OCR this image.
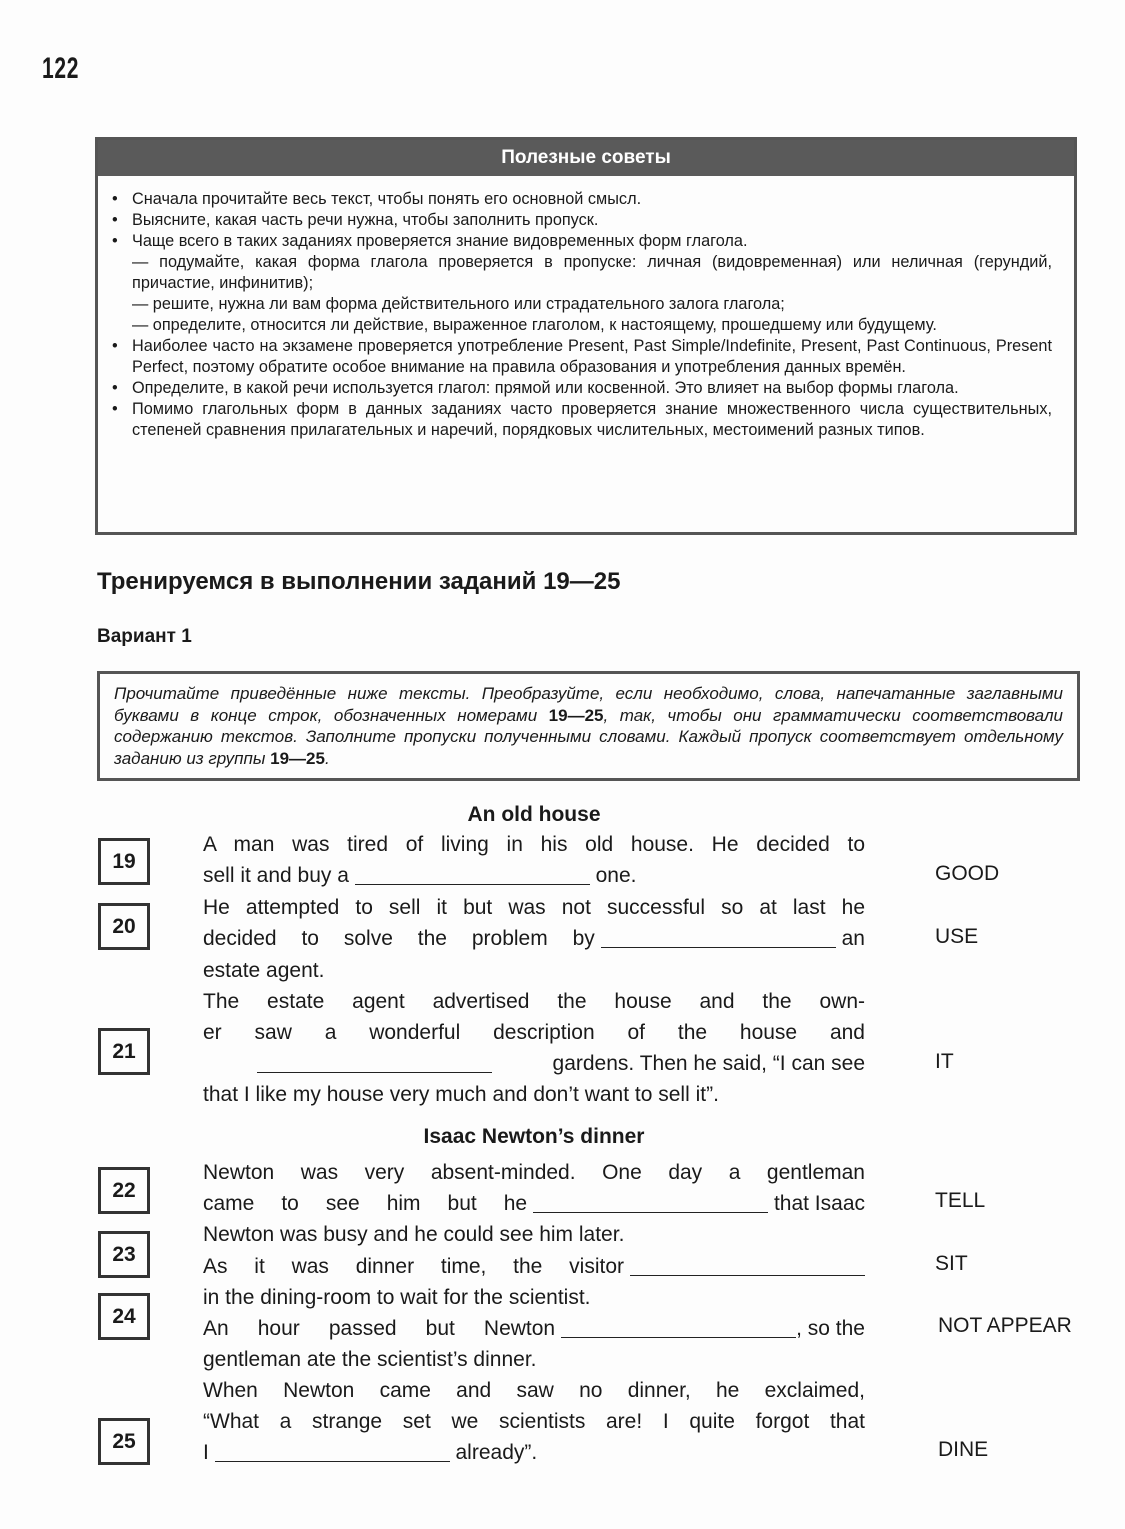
122
Полезные советы
• Сначала прочитайте весь текст, чтобы понять его основной смысл.
• Выясните, какая часть речи нужна, чтобы заполнить пропуск.
• Чаще всего в таких заданиях проверяется знание видовременных форм глагола.
— подумайте, какая форма глагола проверяется в пропуске: личная (видовременная) или неличная (герундий, причастие, инфинитив);
— решите, нужна ли вам форма действительного или страдательного залога глагола;
— определите, относится ли действие, выраженное глаголом, к настоящему, прошедшему или будущему.
• Наиболее часто на экзамене проверяется употребление Present, Past Simple/Indefinite, Present, Past Continuous, Present Perfect, поэтому обратите особое внимание на правила образования и употребления данных времён.
• Определите, в какой речи используется глагол: прямой или косвенной. Это влияет на выбор формы глагола.
• Помимо глагольных форм в данных заданиях часто проверяется знание множественного числа существительных, степеней сравнения прилагательных и наречий, порядковых числительных, местоимений разных типов.
Тренируемся в выполнении заданий 19—25
Вариант 1
Прочитайте приведённые ниже тексты. Преобразуйте, если необходимо, слова, напечатанные заглавными буквами в конце строк, обозначенных номерами 19—25, так, чтобы они грамматически соответствовали содержанию текстов. Заполните пропуски полученными словами. Каждый пропуск соответствует отдельному заданию из группы 19—25.
An old house
A man was tired of living in his old house. He decided to
sell it and buy a	one.
He attempted to sell it but was not successful so at last he
decided to solve the problem by	an
estate agent.
The estate agent advertised the house and the own-
er saw a wonderful description of the house and
gardens. Then he said, “I can see
that I like my house very much and don’t want to sell it”.
Isaac Newton’s dinner
Newton was very absent-minded. One day a gentleman
came to see him but he	that Isaac
Newton was busy and he could see him later.
As it was dinner time, the visitor
in the dining-room to wait for the scientist.
An hour passed but Newton	, so the
gentleman ate the scientist’s dinner.
When Newton came and saw no dinner, he exclaimed,
“What a strange set we scientists are! I quite forgot that
I	already”.
19
20
21
22
23
24
25
GOOD
USE
IT
TELL
SIT
NOT APPEAR
DINE
